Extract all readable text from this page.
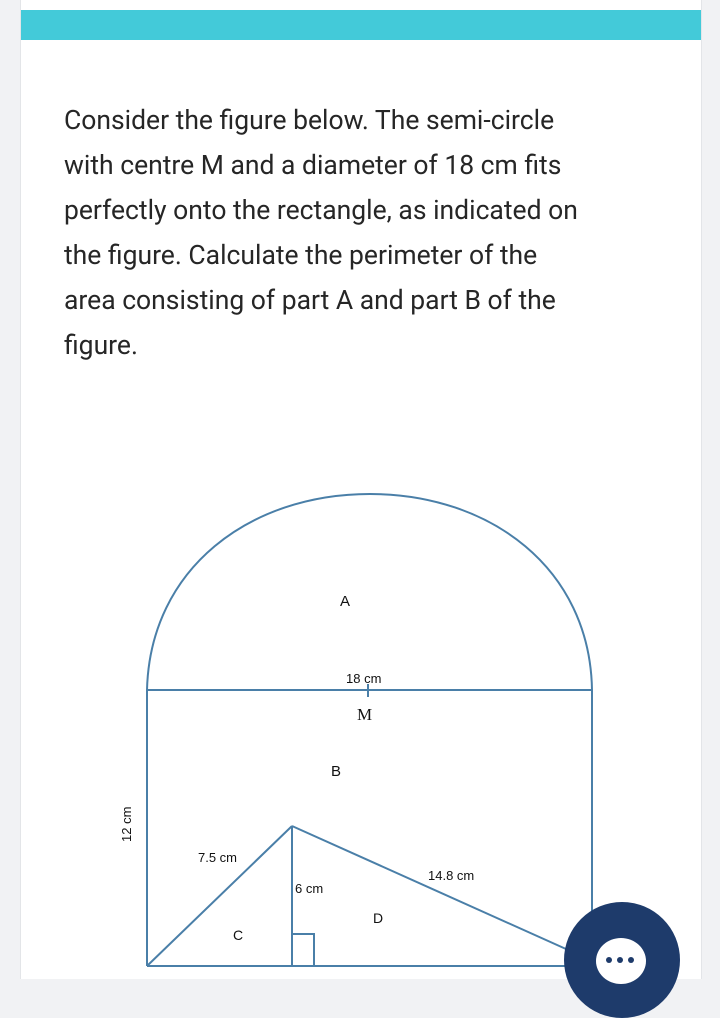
Consider the figure below. The semi-circle
with centre M and a diameter of 18 cm fits
perfectly onto the rectangle, as indicated on
the figure. Calculate the perimeter of the
area consisting of part A and part B of the
figure.
A
18 cm
M
B
12 cm
7.5 cm
6 cm
14.8 cm
C
D
